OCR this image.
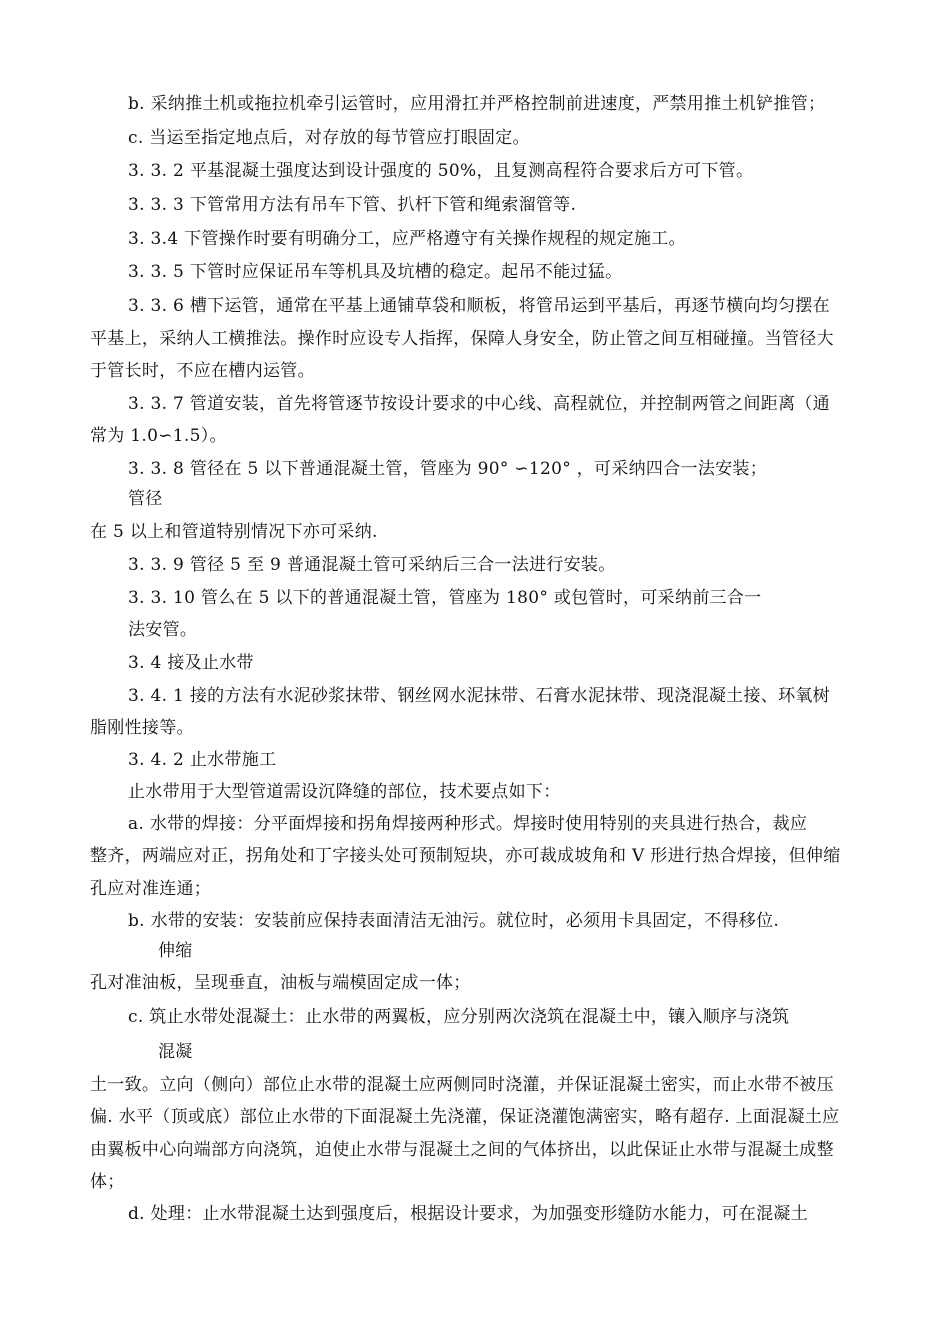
b. 采纳推土机或拖拉机牵引运管时，应用滑扛并严格控制前进速度，严禁用推土机铲推管；
c. 当运至指定地点后，对存放的每节管应打眼固定。
3. 3. 2 平基混凝土强度达到设计强度的 50%，且复测高程符合要求后方可下管。
3. 3. 3 下管常用方法有吊车下管、扒杆下管和绳索溜管等.
3. 3.4 下管操作时要有明确分工，应严格遵守有关操作规程的规定施工。
3. 3. 5 下管时应保证吊车等机具及坑槽的稳定。起吊不能过猛。
3. 3. 6 槽下运管，通常在平基上通铺草袋和顺板，将管吊运到平基后，再逐节横向均匀摆在
平基上，采纳人工横推法。操作时应设专人指挥，保障人身安全，防止管之间互相碰撞。当管径大
于管长时，不应在槽内运管。
3. 3. 7 管道安装，首先将管逐节按设计要求的中心线、高程就位，并控制两管之间距离（通
常为 1.0∽1.5）。
3. 3. 8 管径在 5 以下普通混凝土管，管座为 90° ∽120° ，可采纳四合一法安装；
管径
在 5 以上和管道特别情况下亦可采纳.
3. 3. 9 管径 5 至 9 普通混凝土管可采纳后三合一法进行安装。
3. 3. 10 管么在 5 以下的普通混凝土管，管座为 180° 或包管时，可采纳前三合一
法安管。
3. 4 接及止水带
3. 4. 1 接的方法有水泥砂浆抹带、钢丝网水泥抹带、石膏水泥抹带、现浇混凝土接、环氧树
脂刚性接等。
3. 4. 2 止水带施工
止水带用于大型管道需设沉降缝的部位，技术要点如下：
a. 水带的焊接：分平面焊接和拐角焊接两种形式。焊接时使用特别的夹具进行热合，裁应
整齐，两端应对正，拐角处和丁字接头处可预制短块，亦可裁成坡角和 V 形进行热合焊接，但伸缩
孔应对准连通；
b. 水带的安装：安装前应保持表面清洁无油污。就位时，必须用卡具固定，不得移位.
伸缩
孔对准油板，呈现垂直，油板与端模固定成一体；
c. 筑止水带处混凝土：止水带的两翼板，应分别两次浇筑在混凝土中，镶入顺序与浇筑
混凝
土一致。立向（侧向）部位止水带的混凝土应两侧同时浇灌，并保证混凝土密实，而止水带不被压
偏. 水平（顶或底）部位止水带的下面混凝土先浇灌，保证浇灌饱满密实，略有超存. 上面混凝土应
由翼板中心向端部方向浇筑，迫使止水带与混凝土之间的气体挤出，以此保证止水带与混凝土成整
体；
d. 处理：止水带混凝土达到强度后，根据设计要求，为加强变形缝防水能力，可在混凝土
